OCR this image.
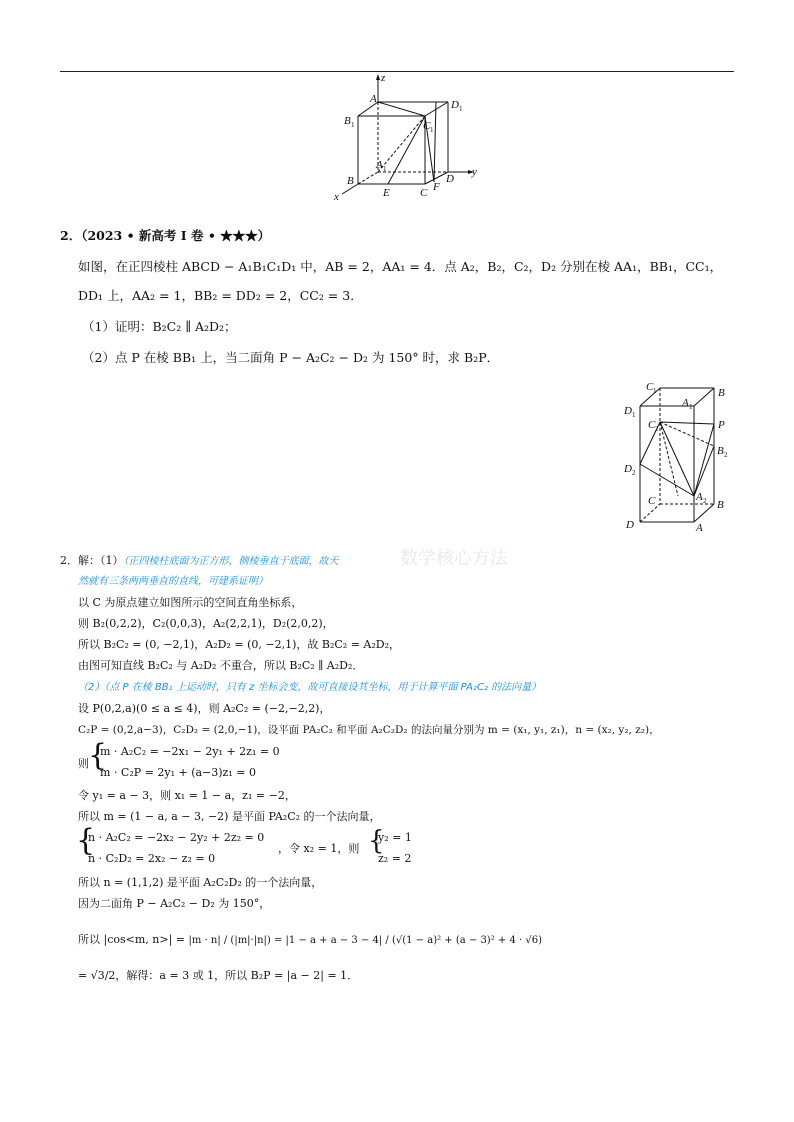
z
A	D 1
B 1	C 1
A 1
B
E	C F
D
y
x
2．（2023 • 新高考 I 卷 • ★★★）
如图，在正四棱柱 ABCD − A₁B₁C₁D₁ 中，AB = 2，AA₁ = 4．点 A₂，B₂，C₂，D₂ 分别在棱 AA₁，BB₁，CC₁，
DD₁ 上，AA₂ = 1，BB₂ = DD₂ = 2，CC₂ = 3．
（1）证明：B₂C₂ ∥ A₂D₂；
（2）点 P 在棱 BB₁ 上，当二面角 P − A₂C₂ − D₂ 为 150° 时，求 B₂P．
C 1	B
D 1
A 1
C 2	P
B 2
D 2
C	A 2 B
D	A
2．解：（1）（正四棱柱底面为正方形，侧棱垂直于底面，故天	数学核心方法
然就有三条两两垂直的直线，可建系证明）
以 C 为原点建立如图所示的空间直角坐标系，
则 B₂(0,2,2)，C₂(0,0,3)，A₂(2,2,1)，D₂(2,0,2)，
所以 B₂C₂ = (0, −2,1)，A₂D₂ = (0, −2,1)，故 B₂C₂ = A₂D₂，
由图可知直线 B₂C₂ 与 A₂D₂ 不重合，所以 B₂C₂ ∥ A₂D₂．
（2）（点 P 在棱 BB₁ 上运动时，只有 z 坐标会变，故可直接设其坐标，用于计算平面 PA₂C₂ 的法向量）
设 P(0,2,a)(0 ≤ a ≤ 4)，则 A₂C₂ = (−2,−2,2)，
C₂P = (0,2,a−3)，C₂D₂ = (2,0,−1)，设平面 PA₂C₂ 和平面 A₂C₂D₂ 的法向量分别为 m = (x₁, y₁, z₁)，n = (x₂, y₂, z₂)，
则 {
m · A₂C₂ = −2x₁ − 2y₁ + 2z₁ = 0
m · C₂P = 2y₁ + (a−3)z₁ = 0
令 y₁ = a − 3，则 x₁ = 1 − a，z₁ = −2，
所以 m = (1 − a, a − 3, −2) 是平面 PA₂C₂ 的一个法向量，
{
n · A₂C₂ = −2x₂ − 2y₂ + 2z₂ = 0
n · C₂D₂ = 2x₂ − z₂ = 0
，令 x₂ = 1，则 {
y₂ = 1
z₂ = 2
所以 n = (1,1,2) 是平面 A₂C₂D₂ 的一个法向量，
因为二面角 P − A₂C₂ − D₂ 为 150°，
所以 |cos<m, n>| = |m · n| / (|m|·|n|) = |1 − a + a − 3 − 4| / (√(1 − a)² + (a − 3)² + 4 · √6)
= √3/2，解得：a = 3 或 1，所以 B₂P = |a − 2| = 1．
